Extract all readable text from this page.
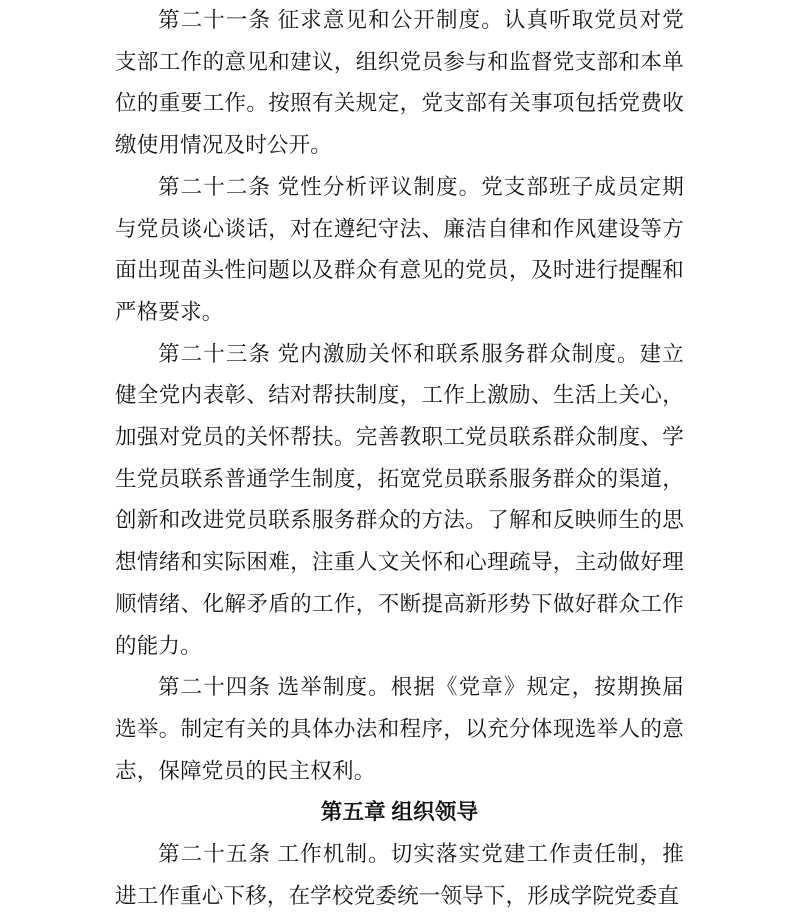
第二十一条 征求意见和公开制度。认真听取党员对党支部工作的意见和建议，组织党员参与和监督党支部和本单位的重要工作。按照有关规定，党支部有关事项包括党费收缴使用情况及时公开。

第二十二条 党性分析评议制度。党支部班子成员定期与党员谈心谈话，对在遵纪守法、廉洁自律和作风建设等方面出现苗头性问题以及群众有意见的党员，及时进行提醒和严格要求。

第二十三条 党内激励关怀和联系服务群众制度。建立健全党内表彰、结对帮扶制度，工作上激励、生活上关心，加强对党员的关怀帮扶。完善教职工党员联系群众制度、学生党员联系普通学生制度，拓宽党员联系服务群众的渠道，创新和改进党员联系服务群众的方法。了解和反映师生的思想情绪和实际困难，注重人文关怀和心理疏导，主动做好理顺情绪、化解矛盾的工作，不断提高新形势下做好群众工作的能力。

第二十四条 选举制度。根据《党章》规定，按期换届选举。制定有关的具体办法和程序，以充分体现选举人的意志，保障党员的民主权利。

第五章 组织领导

第二十五条 工作机制。切实落实党建工作责任制，推进工作重心下移，在学校党委统一领导下，形成学院党委直
